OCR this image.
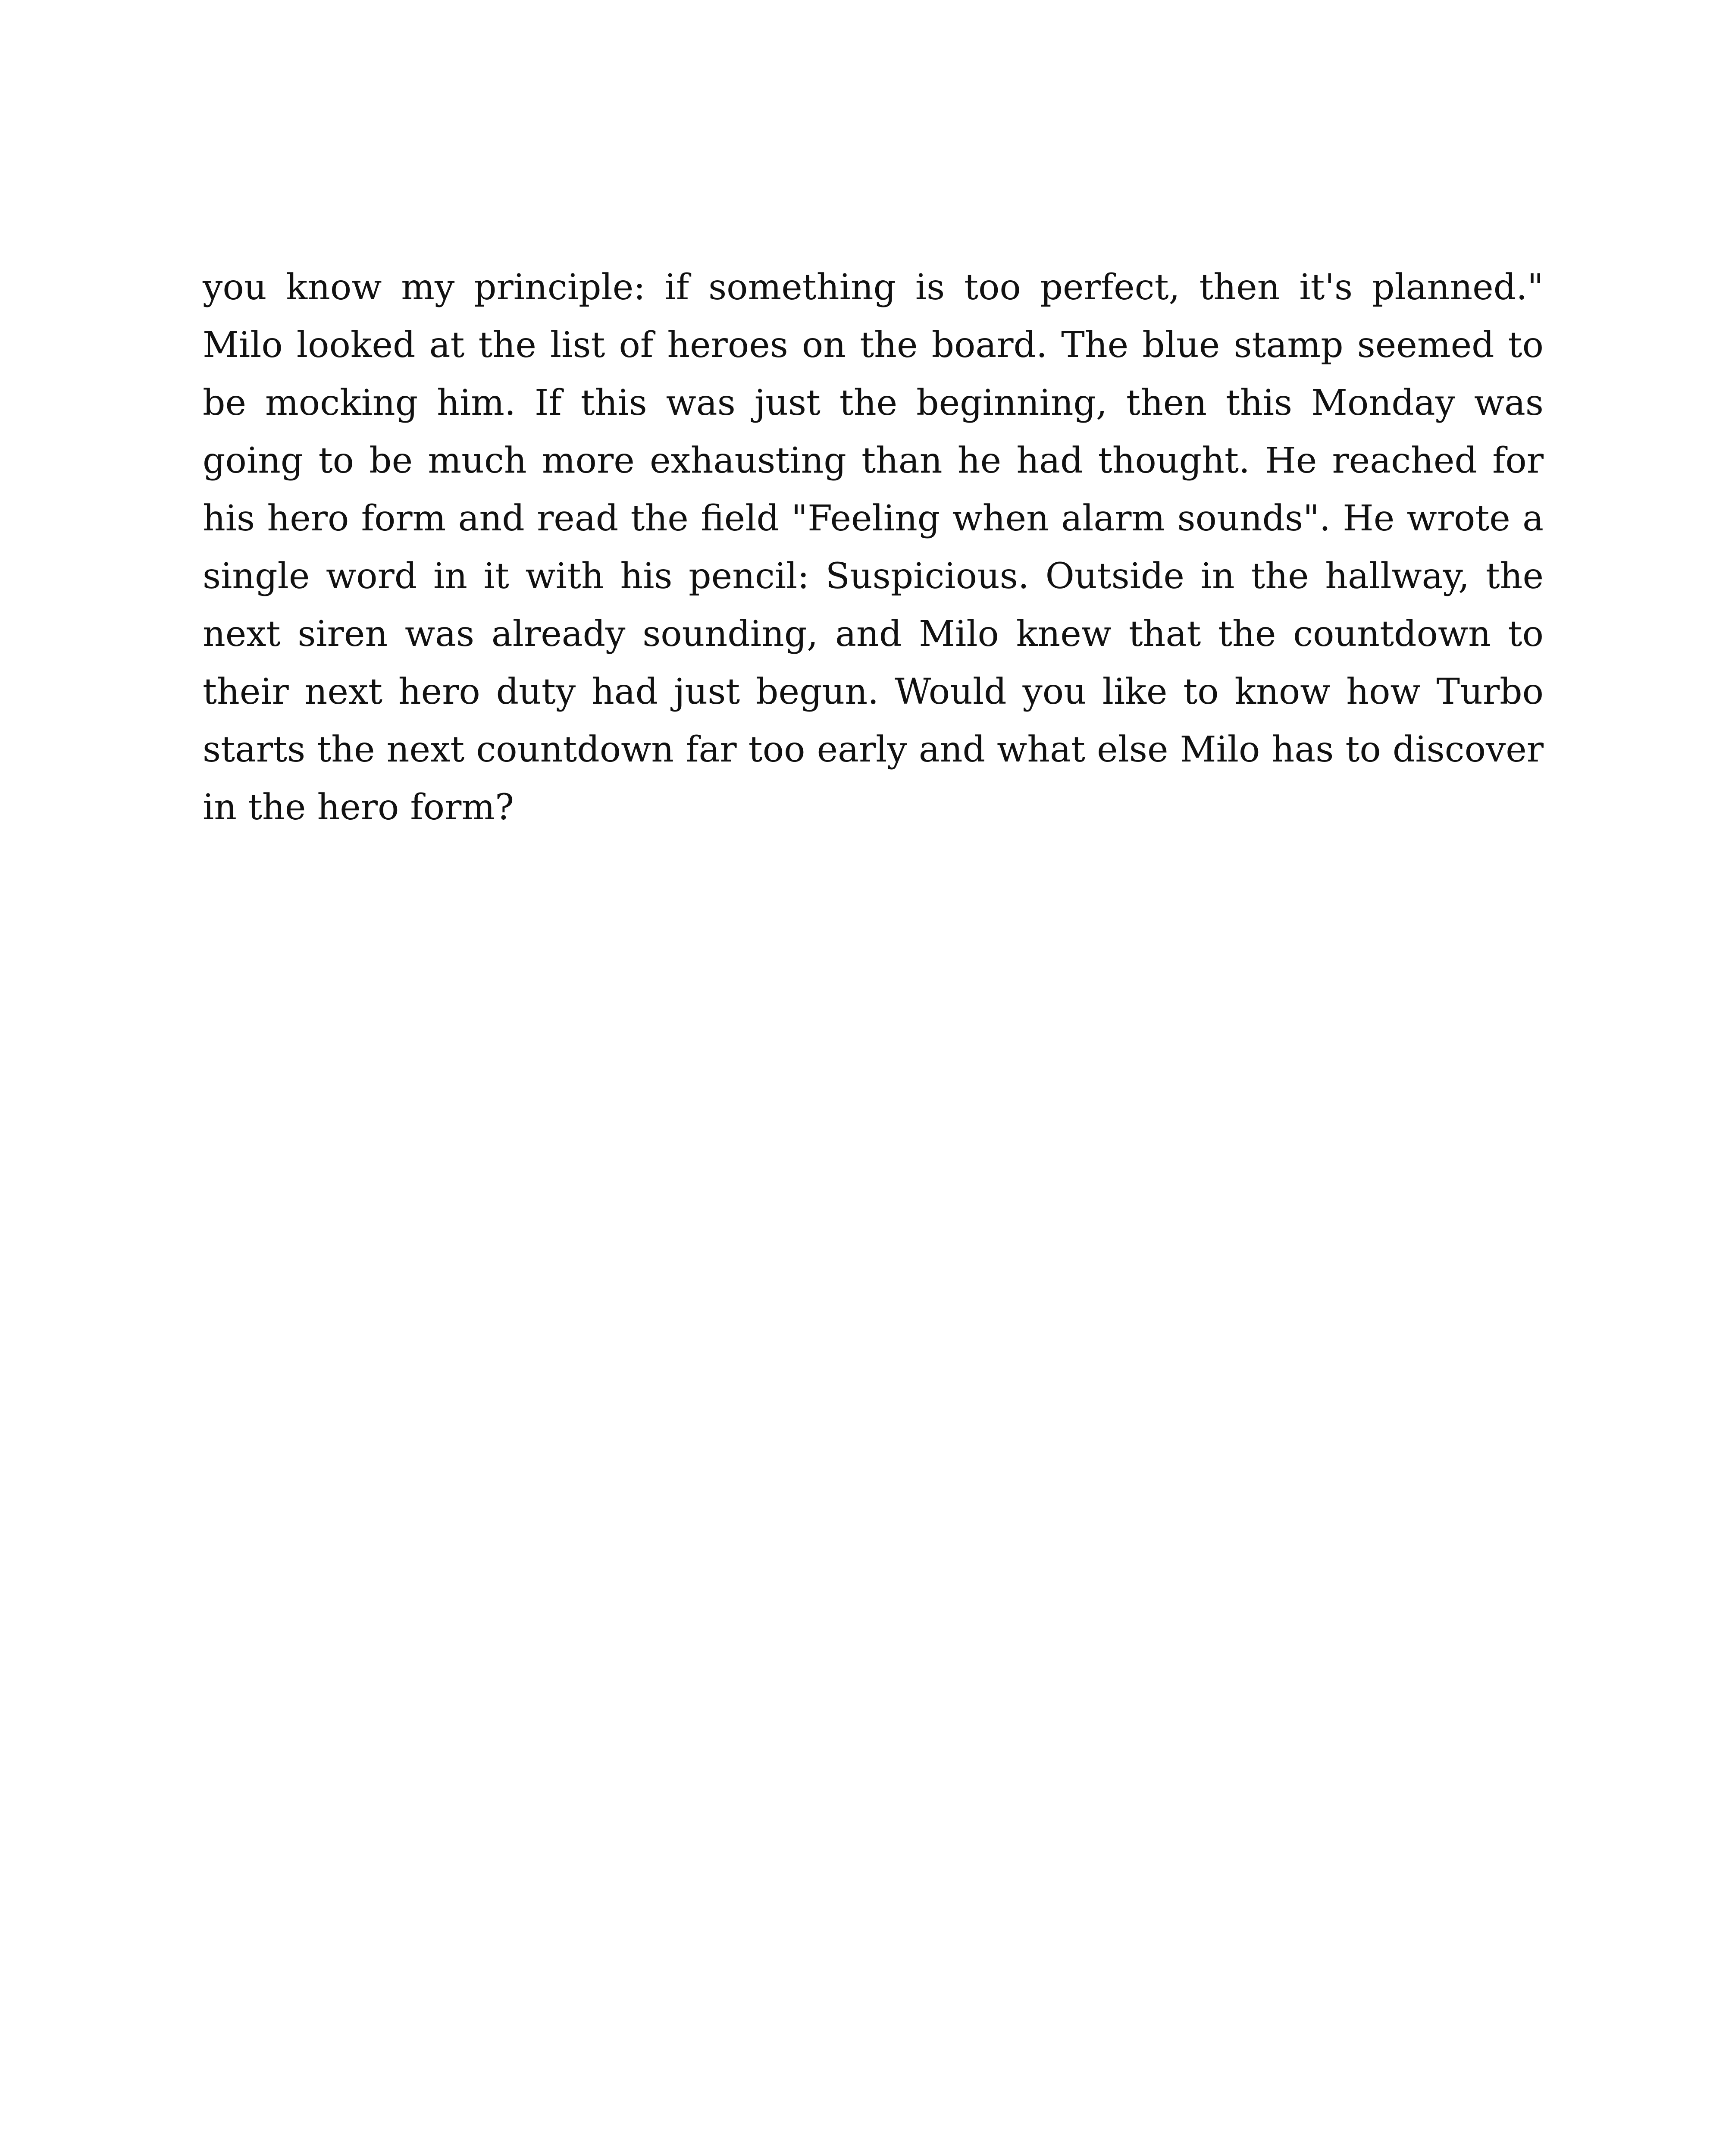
you know my principle: if something is too perfect, then it's planned." Milo looked at the list of heroes on the board. The blue stamp seemed to be mocking him. If this was just the beginning, then this Monday was going to be much more exhausting than he had thought. He reached for his hero form and read the field "Feeling when alarm sounds". He wrote a single word in it with his pencil: Suspicious. Outside in the hallway, the next siren was already sounding, and Milo knew that the countdown to their next hero duty had just begun. Would you like to know how Turbo starts the next countdown far too early and what else Milo has to discover in the hero form?
